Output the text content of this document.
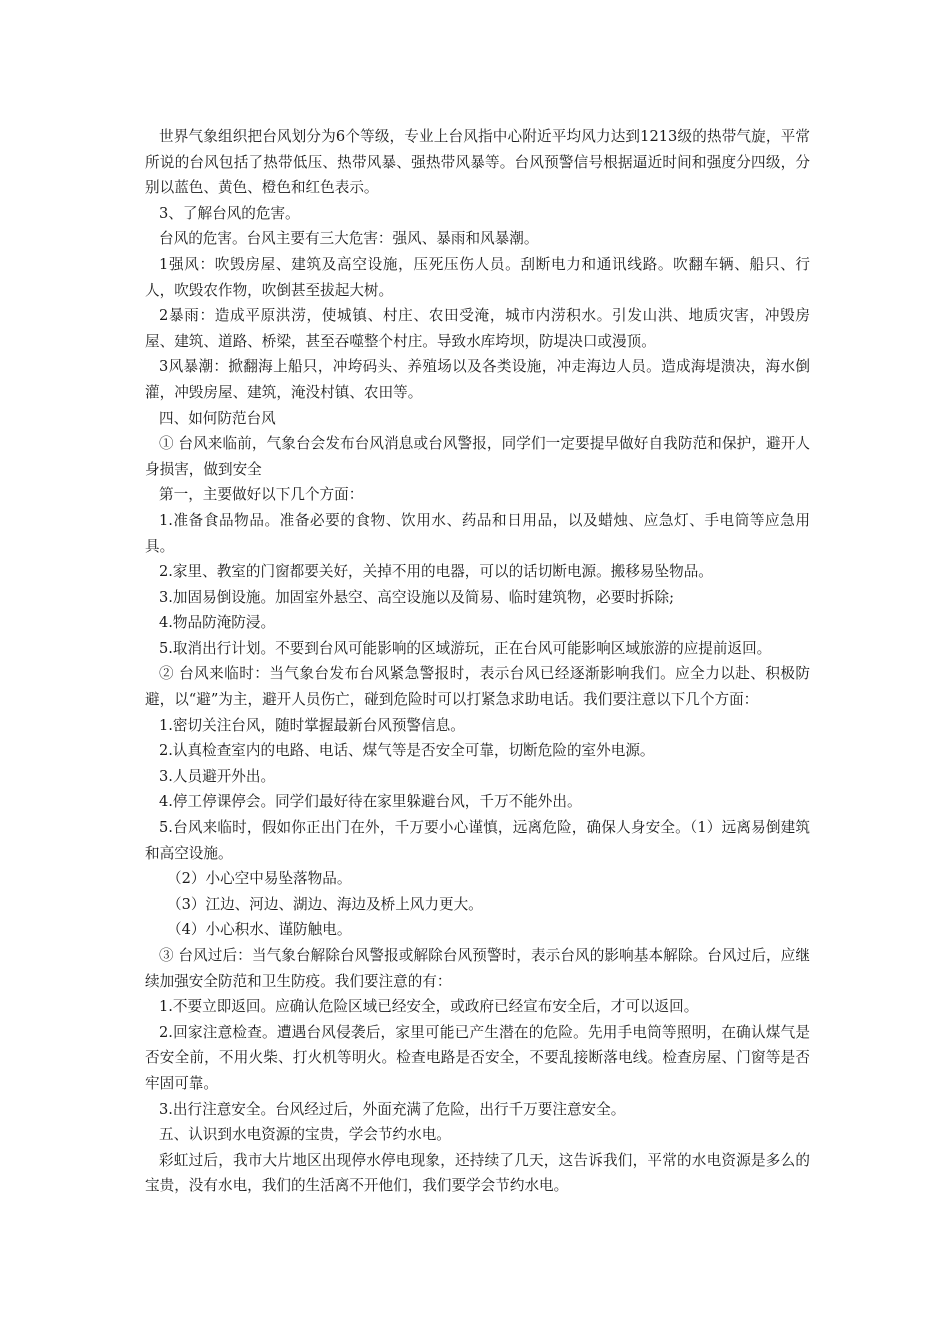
世界气象组织把台风划分为6个等级，专业上台风指中心附近平均风力达到1213级的热带气旋，平常所说的台风包括了热带低压、热带风暴、强热带风暴等。台风预警信号根据逼近时间和强度分四级，分别以蓝色、黄色、橙色和红色表示。

3、了解台风的危害。

台风的危害。台风主要有三大危害：强风、暴雨和风暴潮。

1强风：吹毁房屋、建筑及高空设施，压死压伤人员。刮断电力和通讯线路。吹翻车辆、船只、行人，吹毁农作物，吹倒甚至拔起大树。

2暴雨：造成平原洪涝，使城镇、村庄、农田受淹，城市内涝积水。引发山洪、地质灾害，冲毁房屋、建筑、道路、桥梁，甚至吞噬整个村庄。导致水库垮坝，防堤决口或漫顶。

3风暴潮：掀翻海上船只，冲垮码头、养殖场以及各类设施，冲走海边人员。造成海堤溃决，海水倒灌，冲毁房屋、建筑，淹没村镇、农田等。

四、如何防范台风

① 台风来临前，气象台会发布台风消息或台风警报，同学们一定要提早做好自我防范和保护，避开人身损害，做到安全

第一，主要做好以下几个方面：

1.准备食品物品。准备必要的食物、饮用水、药品和日用品，以及蜡烛、应急灯、手电筒等应急用具。

2.家里、教室的门窗都要关好，关掉不用的电器，可以的话切断电源。搬移易坠物品。

3.加固易倒设施。加固室外悬空、高空设施以及简易、临时建筑物，必要时拆除;

4.物品防淹防浸。

5.取消出行计划。不要到台风可能影响的区域游玩，正在台风可能影响区域旅游的应提前返回。

② 台风来临时：当气象台发布台风紧急警报时，表示台风已经逐渐影响我们。应全力以赴、积极防避，以“避”为主，避开人员伤亡，碰到危险时可以打紧急求助电话。我们要注意以下几个方面：

1.密切关注台风，随时掌握最新台风预警信息。

2.认真检查室内的电路、电话、煤气等是否安全可靠，切断危险的室外电源。

3.人员避开外出。

4.停工停课停会。同学们最好待在家里躲避台风，千万不能外出。

5.台风来临时，假如你正出门在外，千万要小心谨慎，远离危险，确保人身安全。（1）远离易倒建筑和高空设施。

（2）小心空中易坠落物品。

（3）江边、河边、湖边、海边及桥上风力更大。

（4）小心积水、谨防触电。

③ 台风过后：当气象台解除台风警报或解除台风预警时，表示台风的影响基本解除。台风过后，应继续加强安全防范和卫生防疫。我们要注意的有：

1.不要立即返回。应确认危险区域已经安全，或政府已经宣布安全后，才可以返回。

2.回家注意检查。遭遇台风侵袭后，家里可能已产生潜在的危险。先用手电筒等照明，在确认煤气是否安全前，不用火柴、打火机等明火。检查电路是否安全，不要乱接断落电线。检查房屋、门窗等是否牢固可靠。

3.出行注意安全。台风经过后，外面充满了危险，出行千万要注意安全。

五、认识到水电资源的宝贵，学会节约水电。

彩虹过后，我市大片地区出现停水停电现象，还持续了几天，这告诉我们，平常的水电资源是多么的宝贵，没有水电，我们的生活离不开他们，我们要学会节约水电。
